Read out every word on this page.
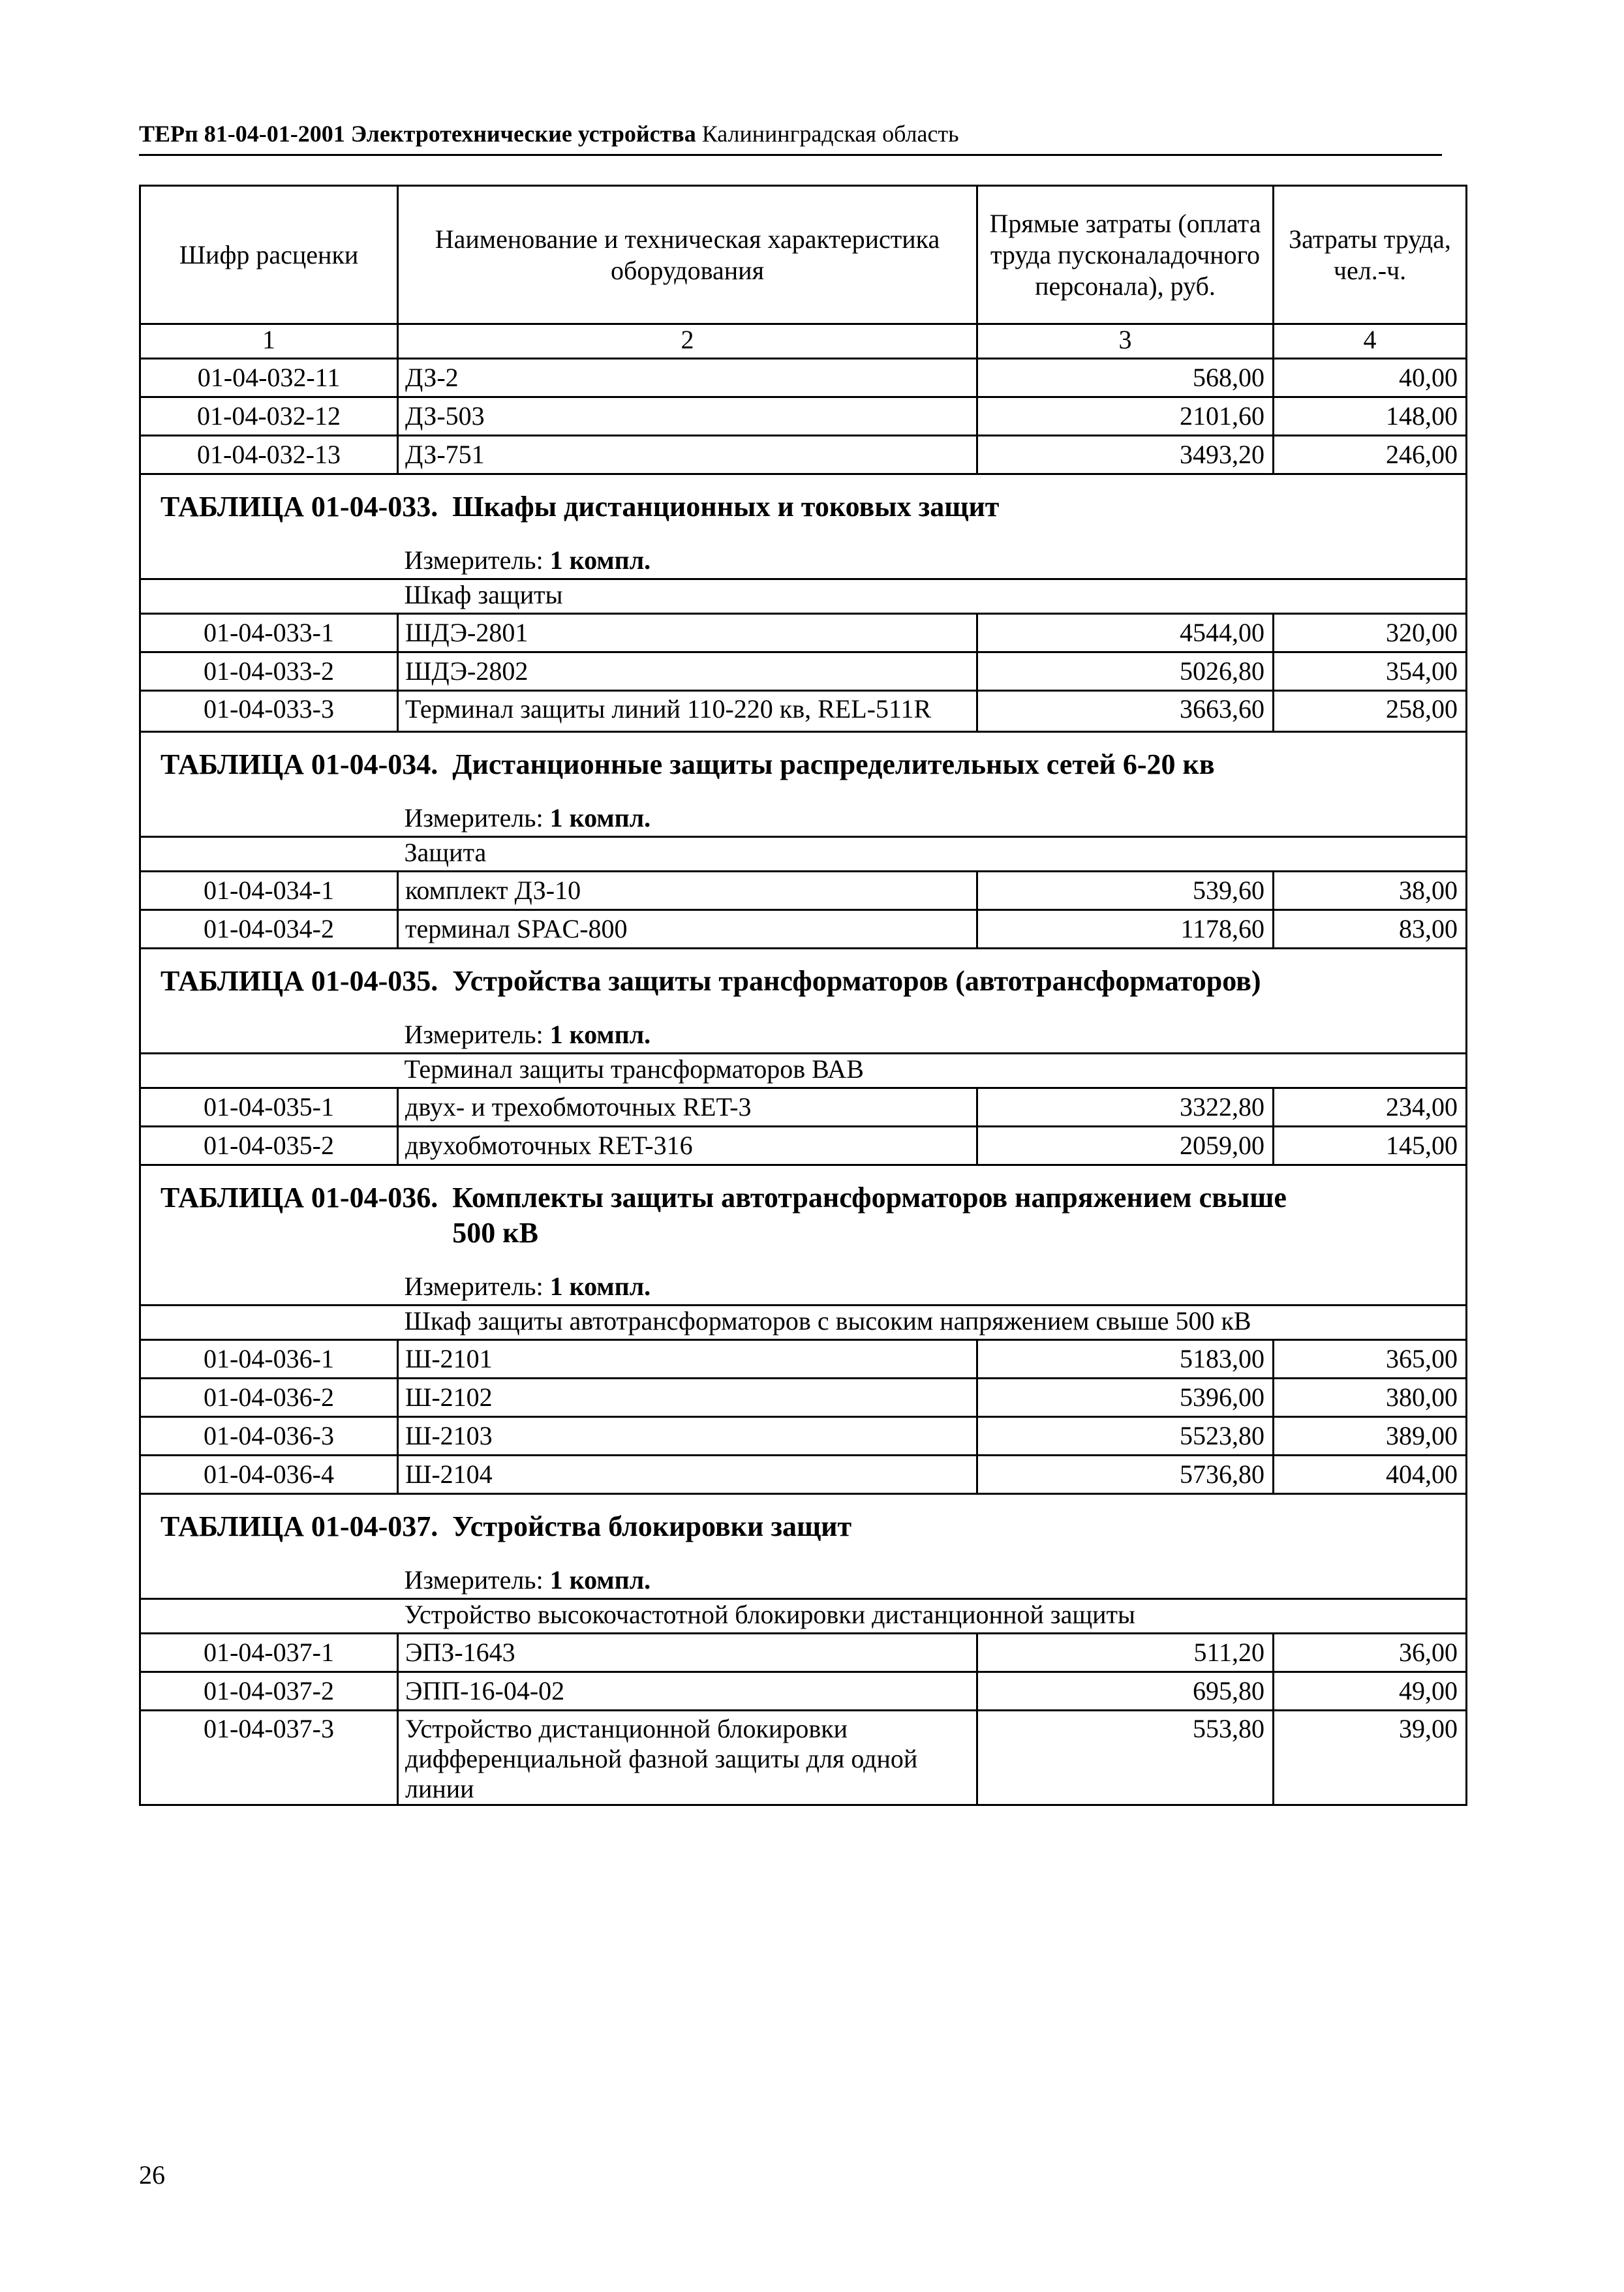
ТЕРп 81-04-01-2001 Электротехнические устройства Калининградская область
Шифр расценки	Наименование и техническая характеристика оборудования	Прямые затраты (оплата труда пусконаладочного персонала), руб.	Затраты труда, чел.-ч.
1	2	3	4
01-04-032-11	ДЗ-2	568,00	40,00
01-04-032-12	ДЗ-503	2101,60	148,00
01-04-032-13	ДЗ-751	3493,20	246,00
ТАБЛИЦА 01-04-033. Шкафы дистанционных и токовых защит			
	Измеритель: 1 компл.		
	Шкаф защиты		
01-04-033-1	ШДЭ-2801	4544,00	320,00
01-04-033-2	ШДЭ-2802	5026,80	354,00
01-04-033-3	Терминал защиты линий 110-220 кв, REL-511R	3663,60	258,00
ТАБЛИЦА 01-04-034. Дистанционные защиты распределительных сетей 6-20 кв			
	Измеритель: 1 компл.		
	Защита		
01-04-034-1	комплект ДЗ-10	539,60	38,00
01-04-034-2	терминал SPAC-800	1178,60	83,00
ТАБЛИЦА 01-04-035. Устройства защиты трансформаторов (автотрансформаторов)			
	Измеритель: 1 компл.		
	Терминал защиты трансформаторов ВАВ		
01-04-035-1	двух- и трехобмоточных RET-3	3322,80	234,00
01-04-035-2	двухобмоточных RET-316	2059,00	145,00
ТАБЛИЦА 01-04-036. Комплекты защиты автотрансформаторов напряжением свыше 500 кВ			
	Измеритель: 1 компл.		
	Шкаф защиты автотрансформаторов с высоким напряжением свыше 500 кВ		
01-04-036-1	Ш-2101	5183,00	365,00
01-04-036-2	Ш-2102	5396,00	380,00
01-04-036-3	Ш-2103	5523,80	389,00
01-04-036-4	Ш-2104	5736,80	404,00
ТАБЛИЦА 01-04-037. Устройства блокировки защит			
	Измеритель: 1 компл.		
	Устройство высокочастотной блокировки дистанционной защиты		
01-04-037-1	ЭПЗ-1643	511,20	36,00
01-04-037-2	ЭПП-16-04-02	695,80	49,00
01-04-037-3	Устройство дистанционной блокировки дифференциальной фазной защиты для одной линии	553,80	39,00
26
